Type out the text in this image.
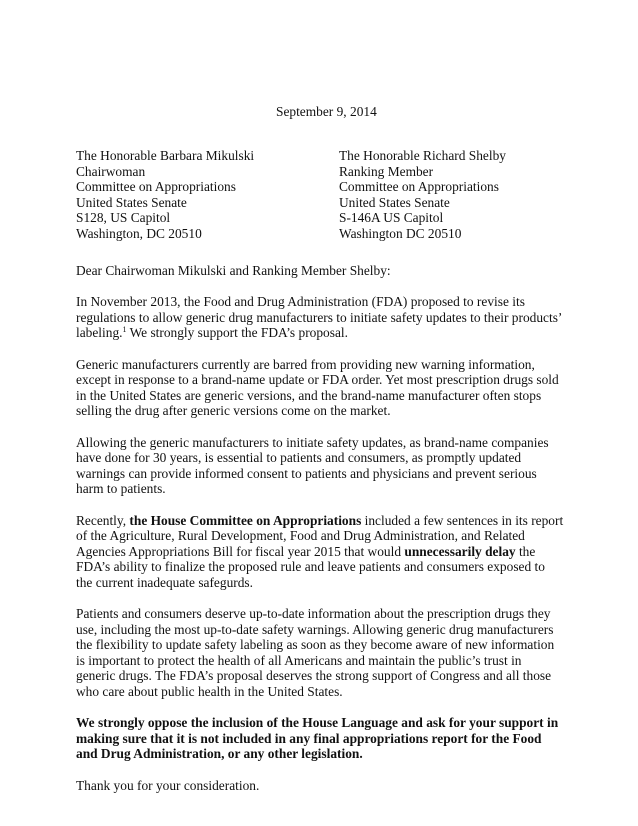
September 9, 2014
The Honorable Barbara Mikulski
Chairwoman
Committee on Appropriations
United States Senate
S128, US Capitol
Washington, DC 20510
The Honorable Richard Shelby
Ranking Member
Committee on Appropriations
United States Senate
S-146A US Capitol
Washington DC 20510

Dear Chairwoman Mikulski and Ranking Member Shelby:

In November 2013, the Food and Drug Administration (FDA) proposed to revise its regulations to allow generic drug manufacturers to initiate safety updates to their products’ labeling.$^1$ We strongly support the FDA’s proposal.

Generic manufacturers currently are barred from providing new warning information, except in response to a brand-name update or FDA order. Yet most prescription drugs sold in the United States are generic versions, and the brand-name manufacturer often stops selling the drug after generic versions come on the market.

Allowing the generic manufacturers to initiate safety updates, as brand-name companies have done for 30 years, is essential to patients and consumers, as promptly updated warnings can provide informed consent to patients and physicians and prevent serious harm to patients.

Recently, the House Committee on Appropriations included a few sentences in its report of the Agriculture, Rural Development, Food and Drug Administration, and Related Agencies Appropriations Bill for fiscal year 2015 that would unnecessarily delay the FDA’s ability to finalize the proposed rule and leave patients and consumers exposed to the current inadequate safegurds.

Patients and consumers deserve up-to-date information about the prescription drugs they use, including the most up-to-date safety warnings. Allowing generic drug manufacturers the flexibility to update safety labeling as soon as they become aware of new information is important to protect the health of all Americans and maintain the public’s trust in generic drugs. The FDA’s proposal deserves the strong support of Congress and all those who care about public health in the United States.

We strongly oppose the inclusion of the House Language and ask for your support in making sure that it is not included in any final appropriations report for the Food and Drug Administration, or any other legislation.

Thank you for your consideration.
